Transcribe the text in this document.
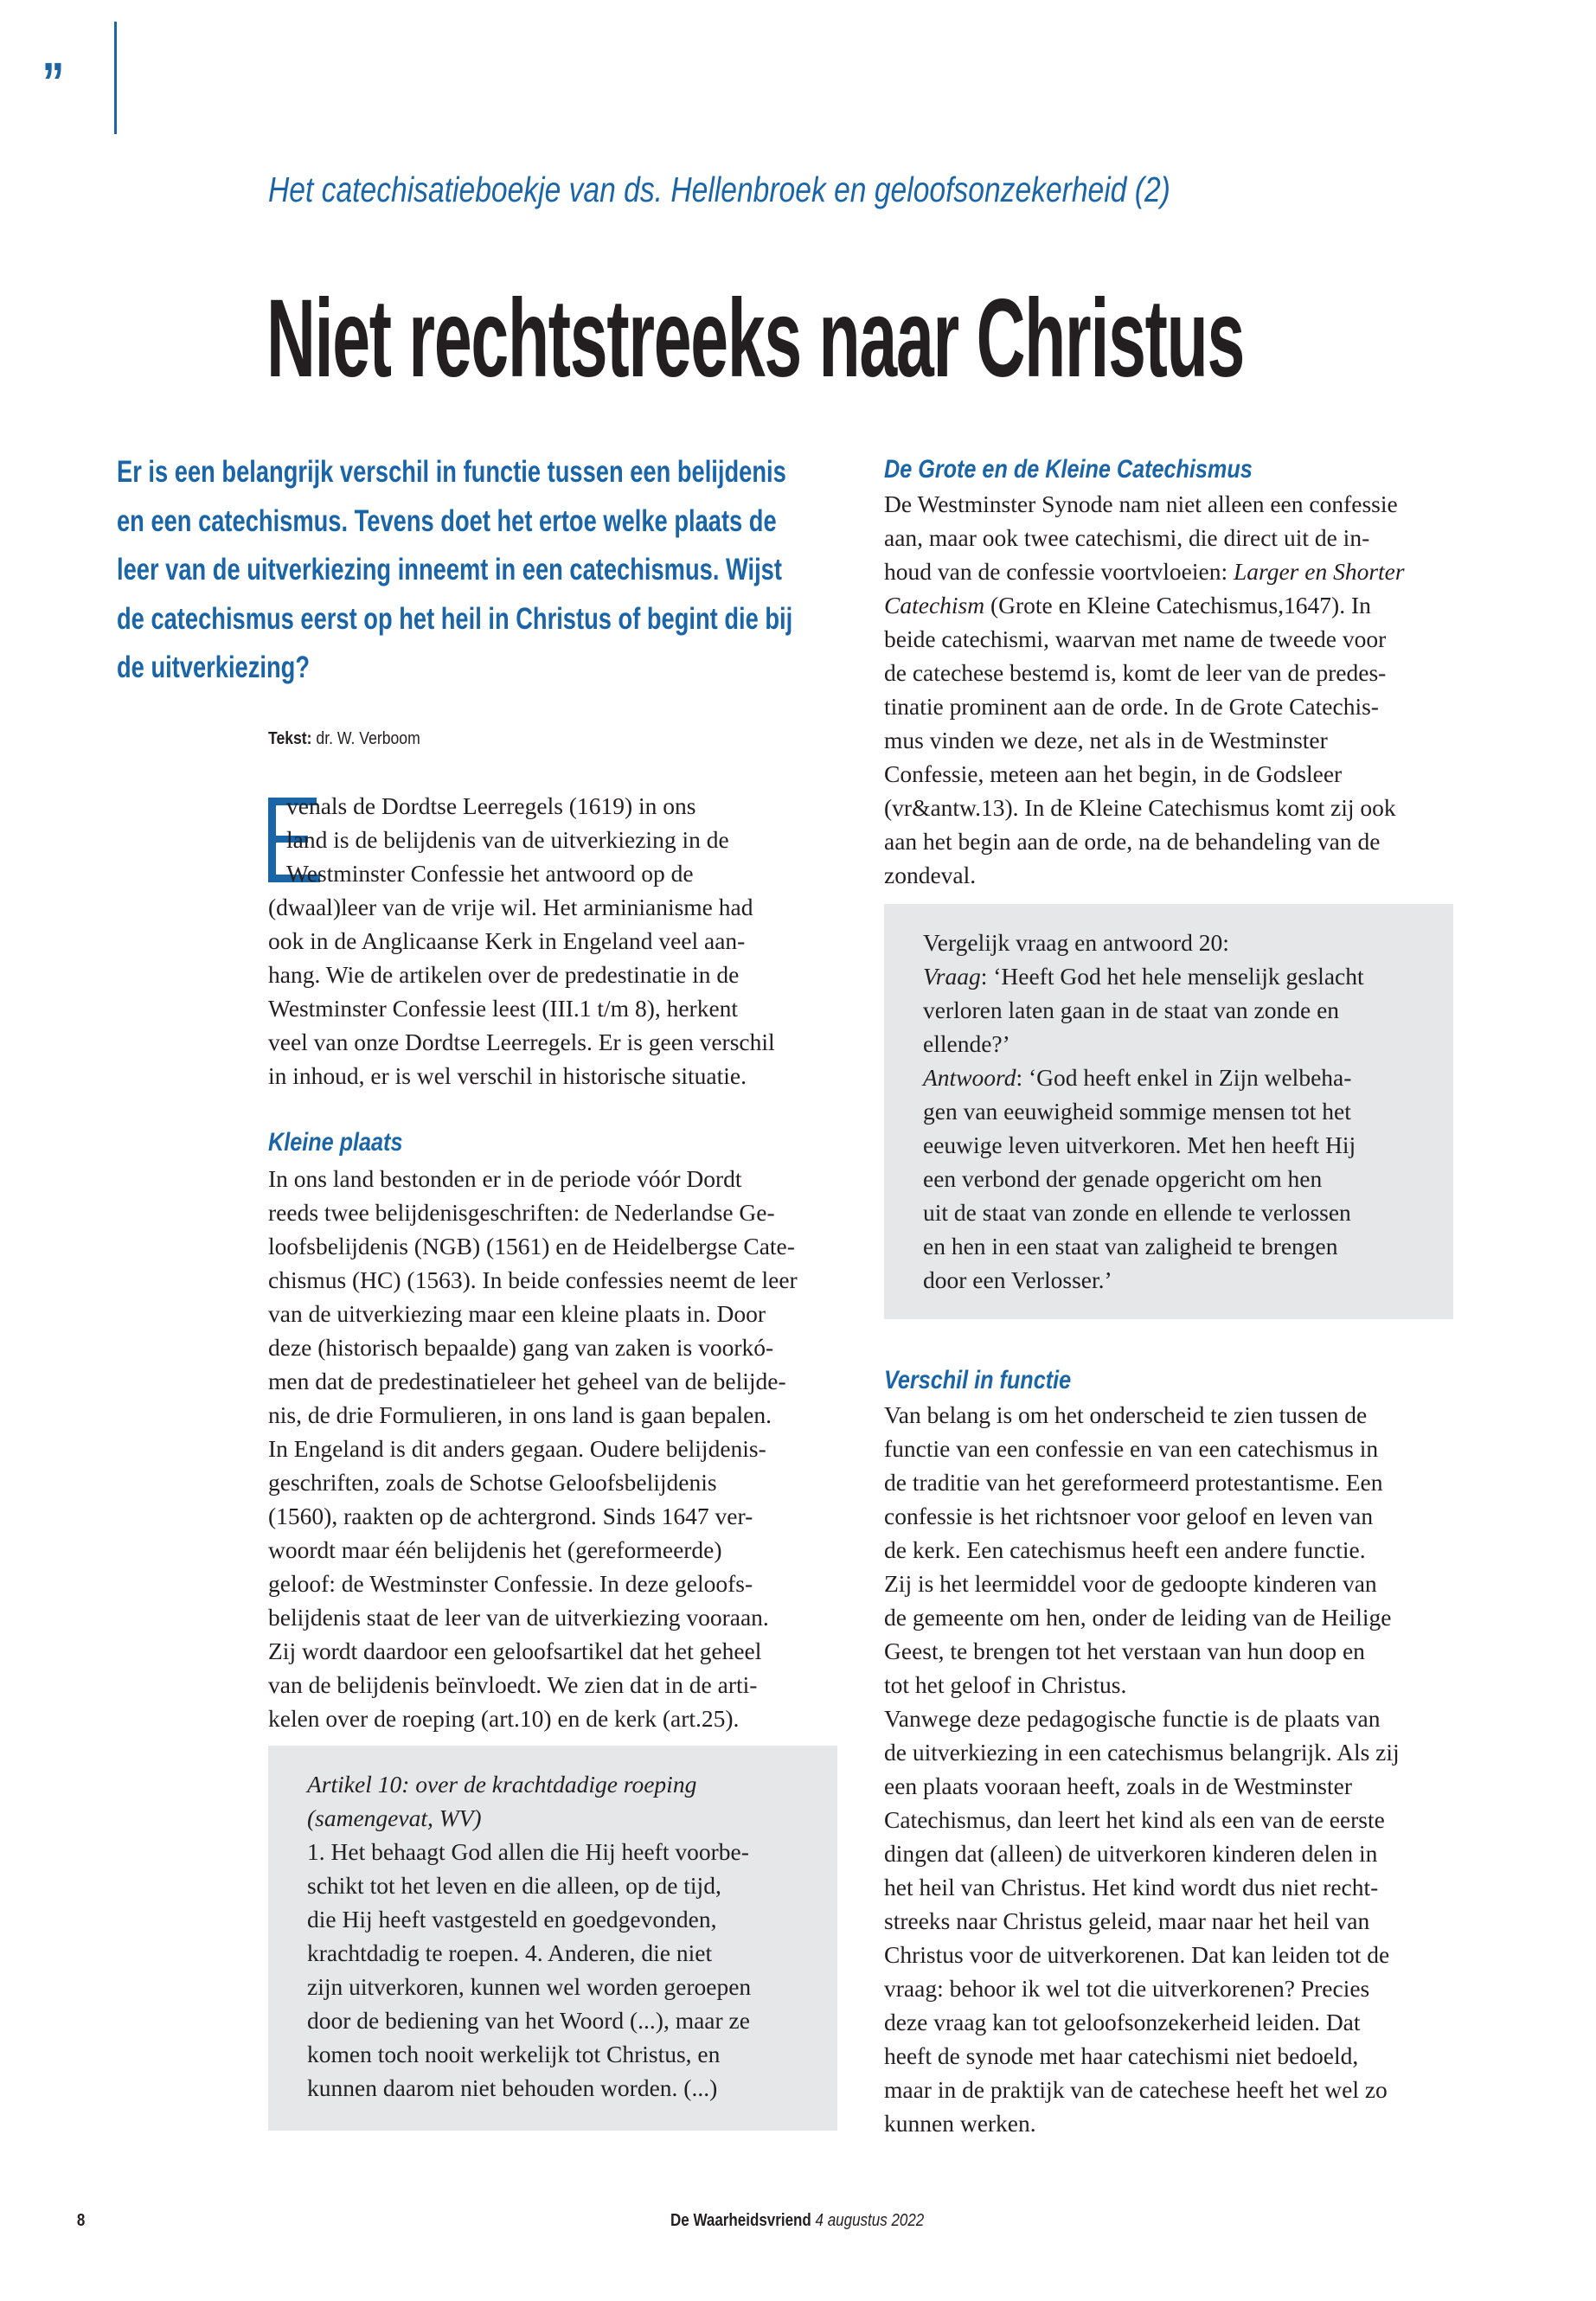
”
Het catechisatieboekje van ds. Hellenbroek en geloofsonzekerheid (2)
Niet rechtstreeks naar Christus
Er is een belangrijk verschil in functie tussen een belijdenis
en een catechismus. Tevens doet het ertoe welke plaats de
leer van de uitverkiezing inneemt in een catechismus. Wijst
de catechismus eerst op het heil in Christus of begint die bij
de uitverkiezing?
Tekst: dr. W. Verboom
venals de Dordtse Leerregels (1619) in ons
land is de belijdenis van de uitverkiezing in de
Westminster Confessie het antwoord op de
(dwaal)leer van de vrije wil. Het arminianisme had
ook in de Anglicaanse Kerk in Engeland veel aan-
hang. Wie de artikelen over de predestinatie in de
Westminster Confessie leest (III.1 t/m 8), herkent
veel van onze Dordtse Leerregels. Er is geen verschil
in inhoud, er is wel verschil in historische situatie.
Kleine plaats
In ons land bestonden er in de periode vóór Dordt
reeds twee belijdenisgeschriften: de Nederlandse Ge-
loofsbelijdenis (NGB) (1561) en de Heidelbergse Cate-
chismus (HC) (1563). In beide confessies neemt de leer
van de uitverkiezing maar een kleine plaats in. Door
deze (historisch bepaalde) gang van zaken is voorkó-
men dat de predestinatieleer het geheel van de belijde-
nis, de drie Formulieren, in ons land is gaan bepalen.
In Engeland is dit anders gegaan. Oudere belijdenis-
geschriften, zoals de Schotse Geloofsbelijdenis
(1560), raakten op de achtergrond. Sinds 1647 ver-
woordt maar één belijdenis het (gereformeerde)
geloof: de Westminster Confessie. In deze geloofs-
belijdenis staat de leer van de uitverkiezing vooraan.
Zij wordt daardoor een geloofsartikel dat het geheel
van de belijdenis beïnvloedt. We zien dat in de arti-
kelen over de roeping (art.10) en de kerk (art.25).
Artikel 10: over de krachtdadige roeping
(samengevat, WV)
1. Het behaagt God allen die Hij heeft voorbe-
schikt tot het leven en die alleen, op de tijd,
die Hij heeft vastgesteld en goedgevonden,
krachtdadig te roepen. 4. Anderen, die niet
zijn uitverkoren, kunnen wel worden geroepen
door de bediening van het Woord (...), maar ze
komen toch nooit werkelijk tot Christus, en
kunnen daarom niet behouden worden. (...)
De Grote en de Kleine Catechismus
De Westminster Synode nam niet alleen een confessie
aan, maar ook twee catechismi, die direct uit de in-
houd van de confessie voortvloeien: Larger en Shorter
Catechism (Grote en Kleine Catechismus,1647). In
beide catechismi, waarvan met name de tweede voor
de catechese bestemd is, komt de leer van de predes-
tinatie prominent aan de orde. In de Grote Catechis-
mus vinden we deze, net als in de Westminster
Confessie, meteen aan het begin, in de Godsleer
(vr&antw.13). In de Kleine Catechismus komt zij ook
aan het begin aan de orde, na de behandeling van de
zondeval.
Vergelijk vraag en antwoord 20:
Vraag: ‘Heeft God het hele menselijk geslacht
verloren laten gaan in de staat van zonde en
ellende?’
Antwoord: ‘God heeft enkel in Zijn welbeha-
gen van eeuwigheid sommige mensen tot het
eeuwige leven uitverkoren. Met hen heeft Hij
een verbond der genade opgericht om hen
uit de staat van zonde en ellende te verlossen
en hen in een staat van zaligheid te brengen
door een Verlosser.’
Verschil in functie
Van belang is om het onderscheid te zien tussen de
functie van een confessie en van een catechismus in
de traditie van het gereformeerd protestantisme. Een
confessie is het richtsnoer voor geloof en leven van
de kerk. Een catechismus heeft een andere functie.
Zij is het leermiddel voor de gedoopte kinderen van
de gemeente om hen, onder de leiding van de Heilige
Geest, te brengen tot het verstaan van hun doop en
tot het geloof in Christus.
Vanwege deze pedagogische functie is de plaats van
de uitverkiezing in een catechismus belangrijk. Als zij
een plaats vooraan heeft, zoals in de Westminster
Catechismus, dan leert het kind als een van de eerste
dingen dat (alleen) de uitverkoren kinderen delen in
het heil van Christus. Het kind wordt dus niet recht-
streeks naar Christus geleid, maar naar het heil van
Christus voor de uitverkorenen. Dat kan leiden tot de
vraag: behoor ik wel tot die uitverkorenen? Precies
deze vraag kan tot geloofsonzekerheid leiden. Dat
heeft de synode met haar catechismi niet bedoeld,
maar in de praktijk van de catechese heeft het wel zo
kunnen werken.
8	De Waarheidsvriend 4 augustus 2022
